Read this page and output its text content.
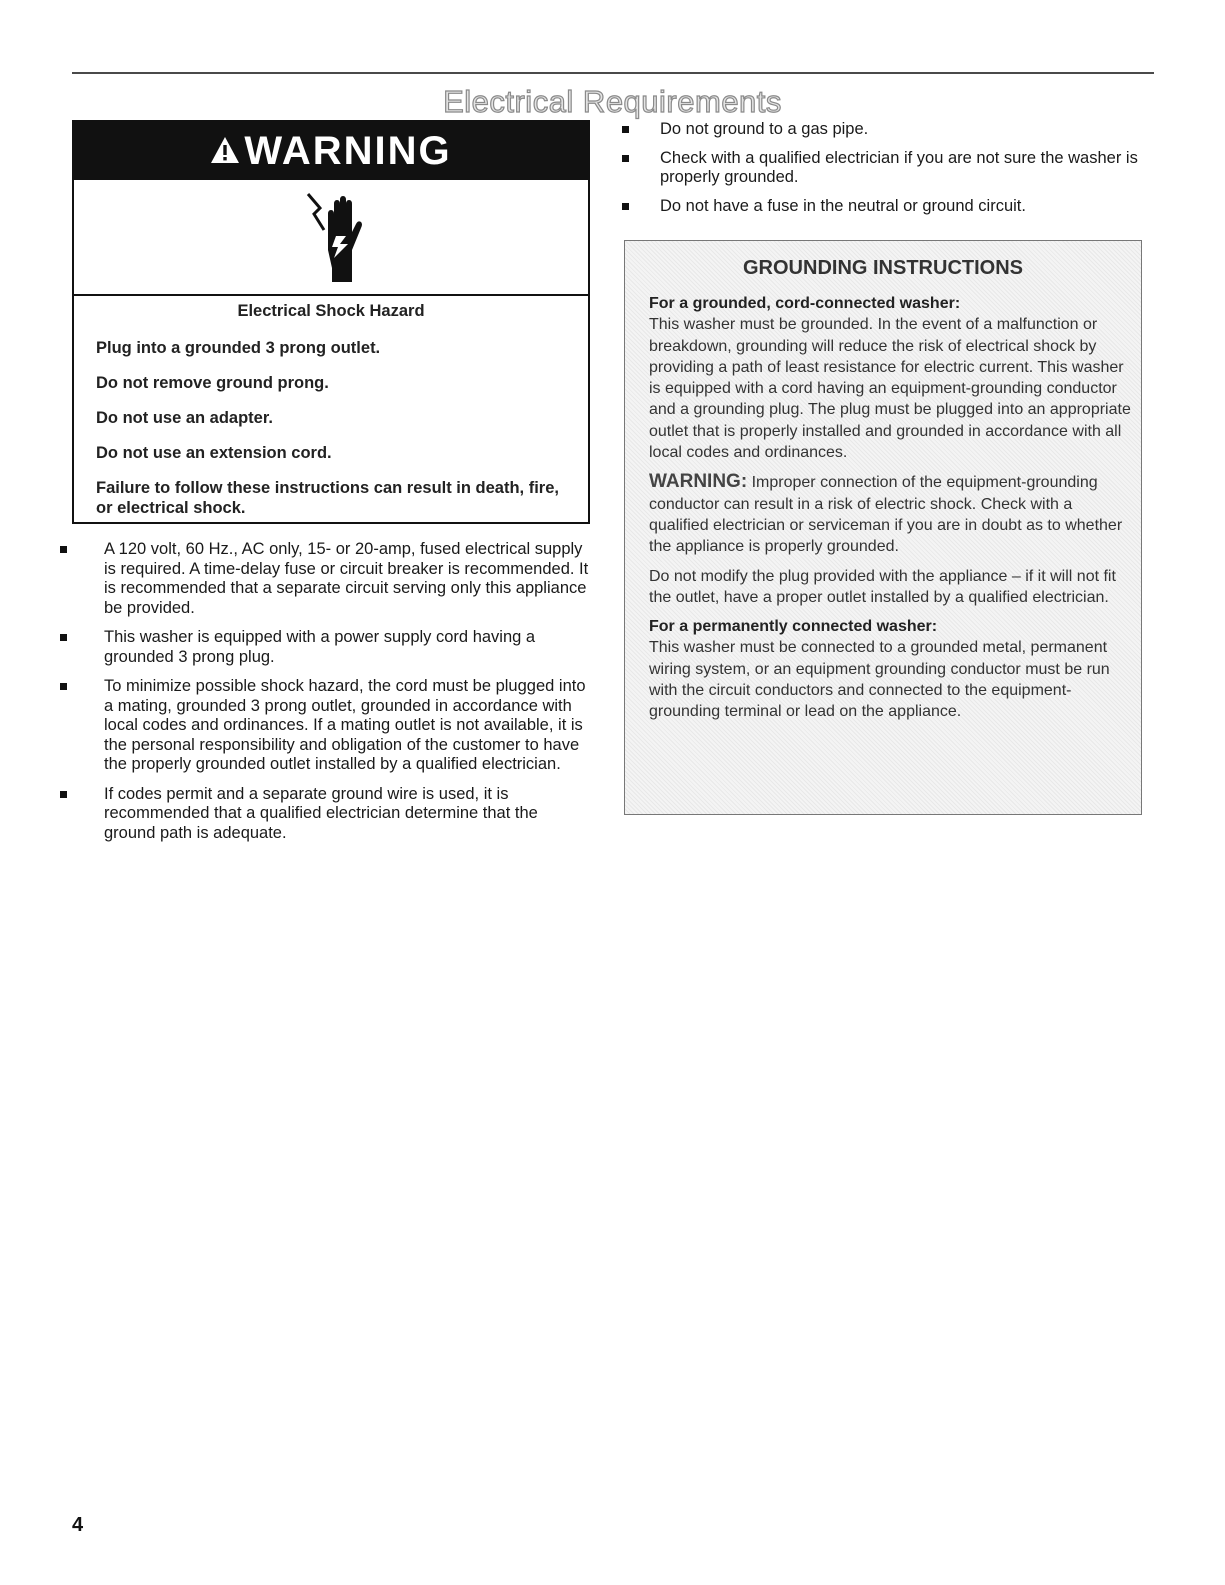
Electrical Requirements
WARNING
Electrical Shock Hazard
Plug into a grounded 3 prong outlet.
Do not remove ground prong.
Do not use an adapter.
Do not use an extension cord.
Failure to follow these instructions can result in death, fire, or electrical shock.
A 120 volt, 60 Hz., AC only, 15- or 20-amp, fused electrical supply is required. A time-delay fuse or circuit breaker is recommended. It is recommended that a separate circuit serving only this appliance be provided.
This washer is equipped with a power supply cord having a grounded 3 prong plug.
To minimize possible shock hazard, the cord must be plugged into a mating, grounded 3 prong outlet, grounded in accordance with local codes and ordinances. If a mating outlet is not available, it is the personal responsibility and obligation of the customer to have the properly grounded outlet installed by a qualified electrician.
If codes permit and a separate ground wire is used, it is recommended that a qualified electrician determine that the ground path is adequate.
Do not ground to a gas pipe.
Check with a qualified electrician if you are not sure the washer is properly grounded.
Do not have a fuse in the neutral or ground circuit.
GROUNDING INSTRUCTIONS
For a grounded, cord-connected washer:
This washer must be grounded. In the event of a malfunction or breakdown, grounding will reduce the risk of electrical shock by providing a path of least resistance for electric current. This washer is equipped with a cord having an equipment-grounding conductor and a grounding plug. The plug must be plugged into an appropriate outlet that is properly installed and grounded in accordance with all local codes and ordinances.
WARNING: Improper connection of the equipment-grounding conductor can result in a risk of electric shock. Check with a qualified electrician or serviceman if you are in doubt as to whether the appliance is properly grounded.
Do not modify the plug provided with the appliance – if it will not fit the outlet, have a proper outlet installed by a qualified electrician.
For a permanently connected washer:
This washer must be connected to a grounded metal, permanent wiring system, or an equipment grounding conductor must be run with the circuit conductors and connected to the equipment-grounding terminal or lead on the appliance.
4
